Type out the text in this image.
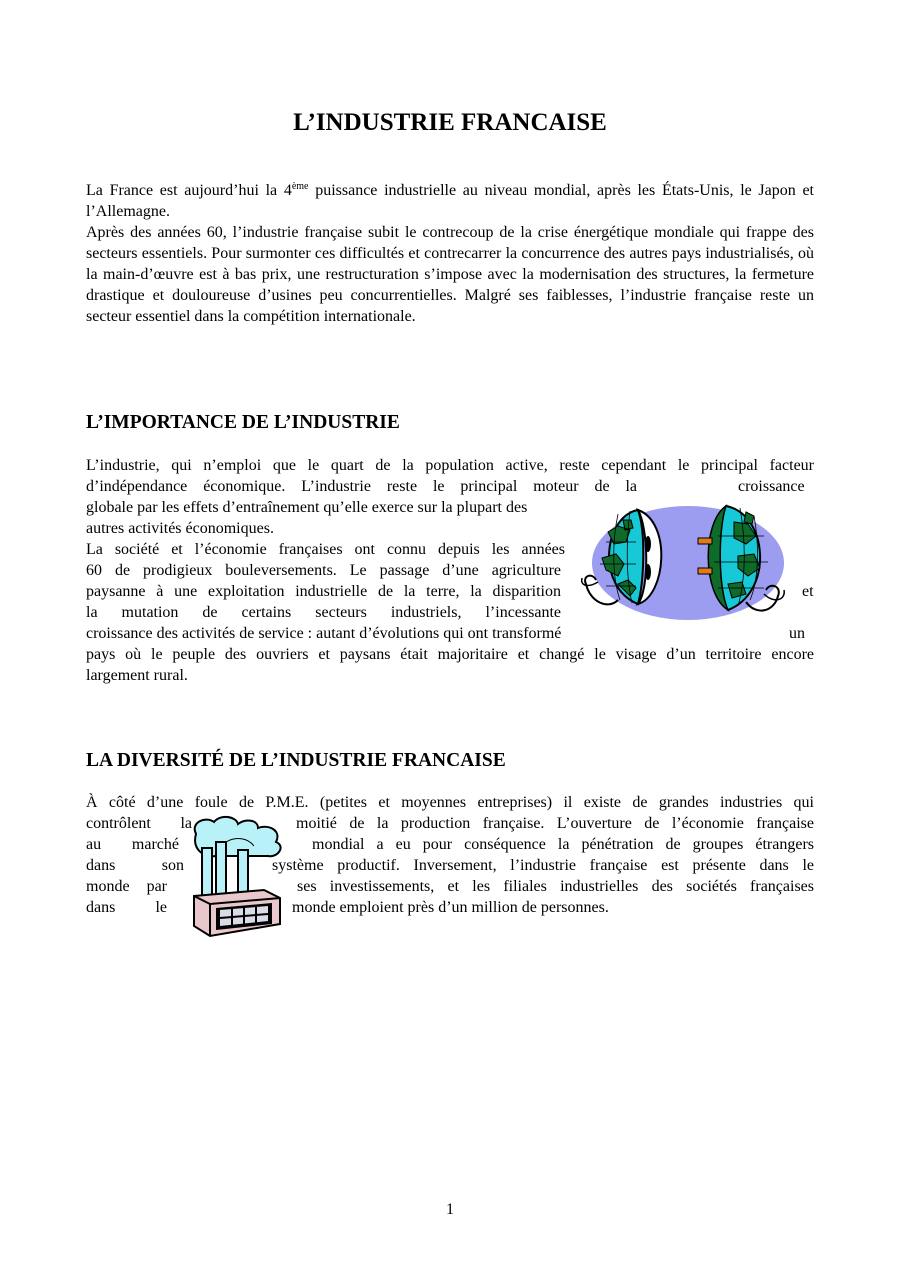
L’INDUSTRIE FRANCAISE

La France est aujourd’hui la 4ème puissance industrielle au niveau mondial, après les États-Unis, le Japon et l’Allemagne.

Après des années 60, l’industrie française subit le contrecoup de la crise énergétique mondiale qui frappe des secteurs essentiels. Pour surmonter ces difficultés et contrecarrer la concurrence des autres pays industrialisés, où la main-d’œuvre est à bas prix, une restructuration s’impose avec la modernisation des structures, la fermeture drastique et douloureuse d’usines peu concurrentielles. Malgré ses faiblesses, l’industrie française reste un secteur essentiel dans la compétition internationale.

L’IMPORTANCE DE L’INDUSTRIE
L’industrie, qui n’emploi que le quart de la population active, reste cependant le principal facteur
d’indépendance économique. L’industrie reste le principal moteur de la	croissance
globale par les effets d’entraînement qu’elle exerce sur la plupart des
autres activités économiques.
La société et l’économie françaises ont connu depuis les années
60 de prodigieux bouleversements. Le passage d’une agriculture
paysanne à une exploitation industrielle de la terre, la disparition	et
la mutation de certains secteurs industriels, l’incessante
croissance des activités de service : autant d’évolutions qui ont transformé	un
pays où le peuple des ouvriers et paysans était majoritaire et changé le visage d’un territoire encore
largement rural.
LA DIVERSITÉ DE L’INDUSTRIE FRANCAISE
À côté d’une foule de P.M.E. (petites et moyennes entreprises) il existe de grandes industries qui
contrôlent la	moitié de la production française. L’ouverture de l’économie française
au marché	mondial a eu pour conséquence la pénétration de groupes étrangers
dans son	système productif. Inversement, l’industrie française est présente dans le
monde par	ses investissements, et les filiales industrielles des sociétés françaises
dans le	monde emploient près d’un million de personnes.
1
